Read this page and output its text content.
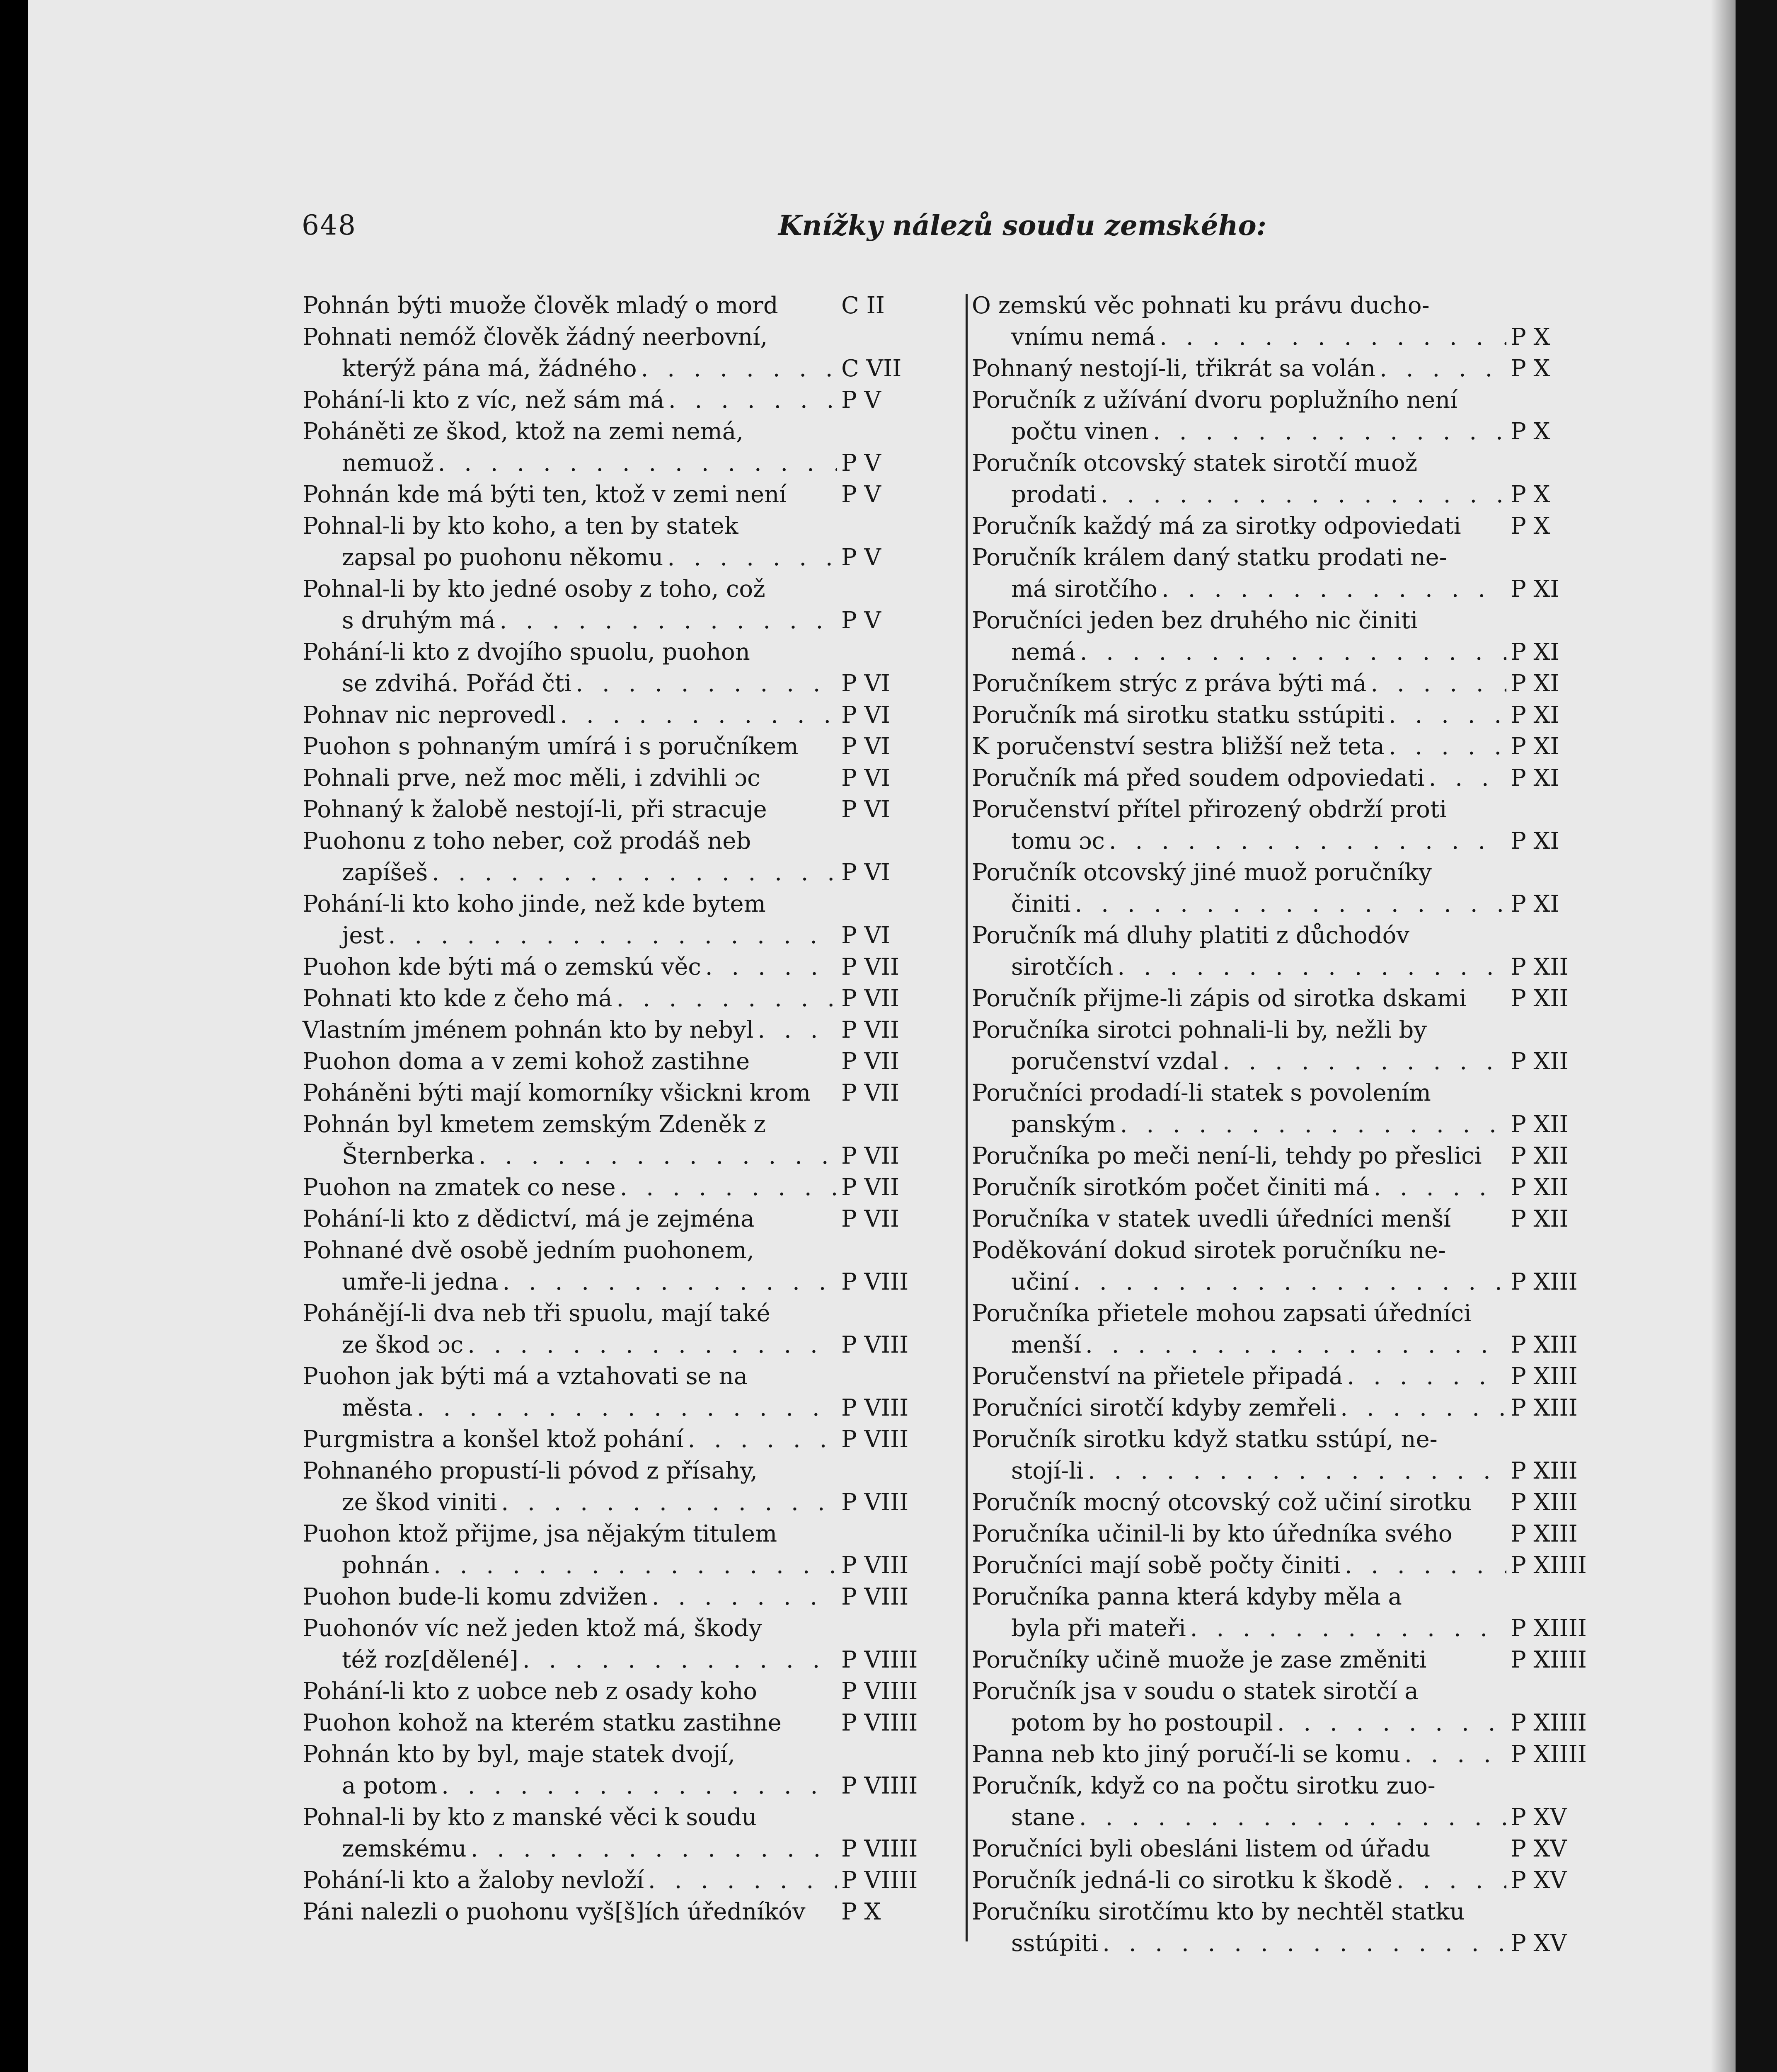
648	Knížky nálezů soudu zemského:
Pohnán býti muože člověk mladý o mord	C II
Pohnati nemóž člověk žádný neerbovní,
kterýž pána má, žádného . . .	C VII
Pohání-li kto z víc, než sám má . . .	P V
Poháněti ze škod, ktož na zemi nemá,
nemuož . . .	P V
Pohnán kde má býti ten, ktož v zemi není P V
Pohnal-li by kto koho, a ten by statek
zapsal po puohonu někomu . . .	P V
Pohnal-li by kto jedné osoby z toho, což
s druhým má . . .	P V
Pohání-li kto z dvojího spuolu, puohon
se zdvihá. Pořád čti . . .	P VI
Pohnav nic neprovedl . . .	P VI
Puohon s pohnaným umírá i s poručníkem P VI
Pohnali prve, než moc měli, i zdvihli ɔc	P VI
Pohnaný k žalobě nestojí-li, při stracuje	P VI
Puohonu z toho neber, což prodáš neb
zapíšeš . . .	P VI
Pohání-li kto koho jinde, než kde bytem
jest . . .	P VI
Puohon kde býti má o zemskú věc . . .	P VII
Pohnati kto kde z čeho má . . .	P VII
Vlastním jménem pohnán kto by nebyl . . .	P VII
Puohon doma a v zemi kohož zastihne	P VII
Poháněni býti mají komorníky všickni krom P VII
Pohnán byl kmetem zemským Zdeněk z
Šternberka . . .	P VII
Puohon na zmatek co nese . . .	P VII
Pohání-li kto z dědictví, má je zejména	P VII
Pohnané dvě osobě jedním puohonem,
umře-li jedna . . .	P VIII
Pohánějí-li dva neb tři spuolu, mají také
ze škod ɔc . . .	P VIII
Puohon jak býti má a vztahovati se na
města . . .	P VIII
Purgmistra a konšel ktož pohání . . .	P VIII
Pohnaného propustí-li pόvod z přísahy,
ze škod viniti . . .	P VIII
Puohon ktož přijme, jsa nějakým titulem
pohnán . . .	P VIII
Puohon bude-li komu zdvižen . . .	P VIII
Puohonóv víc než jeden ktož má, škody
též roz[dělené] . . .	P VIIII
Pohání-li kto z uobce neb z osady koho	P VIIII
Puohon kohož na kterém statku zastihne	P VIIII
Pohnán kto by byl, maje statek dvojí,
a potom . . .	P VIIII
Pohnal-li by kto z manské věci k soudu
zemskému . . .	P VIIII
Pohání-li kto a žaloby nevloží . . .	P VIIII
Páni nalezli o puohonu vyš[š]ích úředníkóv P X
O zemskú věc pohnati ku právu ducho-
vnímu nemá . . .	P X
Pohnaný nestojí-li, třikrát sa volán . . .	P X
Poručník z užívání dvoru poplužního není
počtu vinen . . .	P X
Poručník otcovský statek sirotčí muož
prodati . . .	P X
Poručník každý má za sirotky odpoviedati P X
Poručník králem daný statku prodati ne-
má sirotčího . . .	P XI
Poručníci jeden bez druhého nic činiti
nemá . . .	P XI
Poručníkem strýc z práva býti má . . .	P XI
Poručník má sirotku statku sstúpiti . . .	P XI
K poručenství sestra bližší než teta . . .	P XI
Poručník má před soudem odpoviedati . . .	P XI
Poručenství přítel přirozený obdrží proti
tomu ɔc . . .	P XI
Poručník otcovský jiné muož poručníky
činiti . . .	P XI
Poručník má dluhy platiti z důchodóv
sirotčích . . .	P XII
Poručník přijme-li zápis od sirotka dskami P XII
Poručníka sirotci pohnali-li by, nežli by
poručenství vzdal . . .	P XII
Poručníci prodadí-li statek s povolením
panským . . .	P XII
Poručníka po meči není-li, tehdy po přeslici P XII
Poručník sirotkóm počet činiti má . . .	P XII
Poručníka v statek uvedli úředníci menší	P XII
Poděkování dokud sirotek poručníku ne-
učiní . . .	P XIII
Poručníka přietele mohou zapsati úředníci
menší . . .	P XIII
Poručenství na přietele připadá . . .	P XIII
Poručníci sirotčí kdyby zemřeli . . .	P XIII
Poručník sirotku když statku sstúpí, ne-
stojí-li . . .	P XIII
Poručník mocný otcovský což učiní sirotku P XIII
Poručníka učinil-li by kto úředníka svého	P XIII
Poručníci mají sobě počty činiti . . .	P XIIII
Poručníka panna která kdyby měla a
byla při mateři . . .	P XIIII
Poručníky učině muože je zase změniti	P XIIII
Poručník jsa v soudu o statek sirotčí a
potom by ho postoupil . . .	P XIIII
Panna neb kto jiný poručí-li se komu . . .	P XIIII
Poručník, když co na počtu sirotku zuo-
stane . . .	P XV
Poručníci byli obesláni listem od úřadu	P XV
Poručník jedná-li co sirotku k škodě . . .	P XV
Poručníku sirotčímu kto by nechtěl statku
sstúpiti . . .	P XV
